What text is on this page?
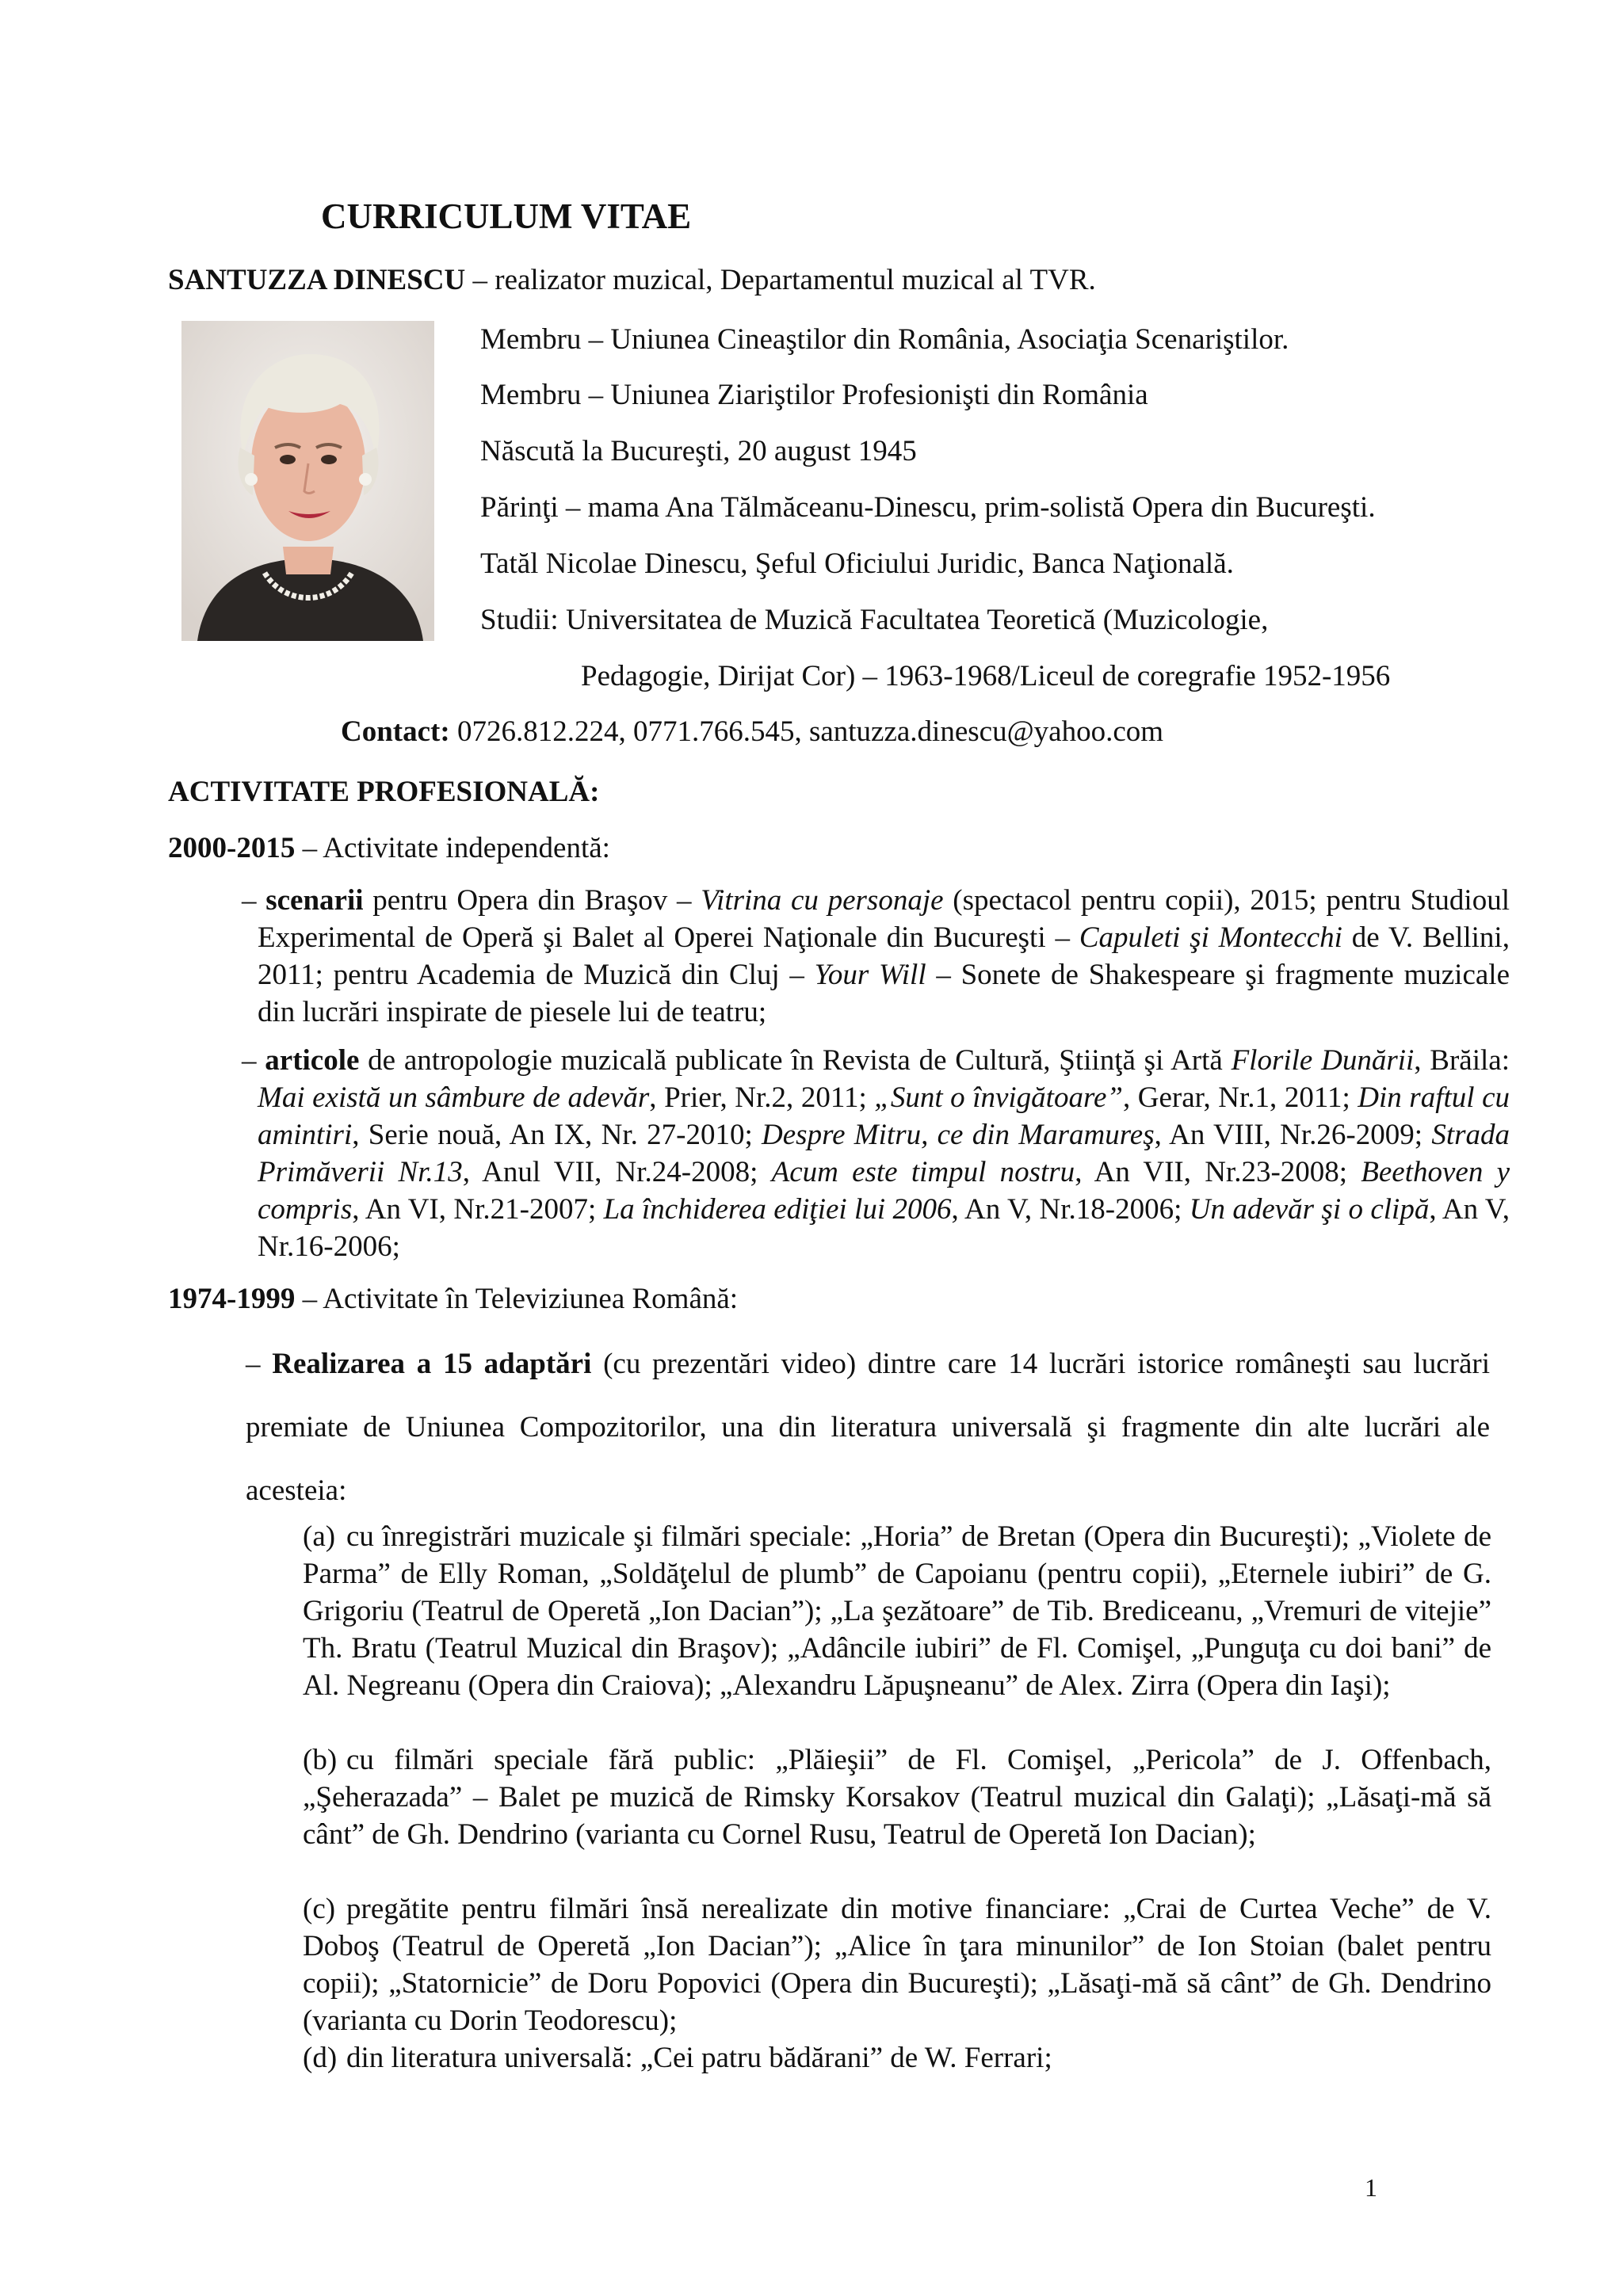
CURRICULUM VITAE
SANTUZZA DINESCU – realizator muzical, Departamentul muzical al TVR.
Membru – Uniunea Cineaştilor din România, Asociaţia Scenariştilor.
Membru – Uniunea Ziariştilor Profesionişti din România
Născută la Bucureşti, 20 august 1945
Părinţi – mama Ana Tălmăceanu-Dinescu, prim-solistă Opera din Bucureşti.
Tatăl Nicolae Dinescu, Şeful Oficiului Juridic, Banca Naţională.
Studii: Universitatea de Muzică Facultatea Teoretică (Muzicologie,
Pedagogie, Dirijat Cor) – 1963-1968/Liceul de coregrafie 1952-1956
Contact: 0726.812.224, 0771.766.545, santuzza.dinescu@yahoo.com
ACTIVITATE PROFESIONALĂ:
2000-2015 – Activitate independentă:
– scenarii pentru Opera din Braşov – Vitrina cu personaje (spectacol pentru copii), 2015; pentru Studioul Experimental de Operă şi Balet al Operei Naţionale din Bucureşti – Capuleti şi Montecchi de V. Bellini, 2011; pentru Academia de Muzică din Cluj – Your Will – Sonete de Shakespeare şi fragmente muzicale din lucrări inspirate de piesele lui de teatru;
– articole de antropologie muzicală publicate în Revista de Cultură, Ştiinţă şi Artă Florile Dunării, Brăila: Mai există un sâmbure de adevăr, Prier, Nr.2, 2011; „Sunt o învigătoare”, Gerar, Nr.1, 2011; Din raftul cu amintiri, Serie nouă, An IX, Nr. 27-2010; Despre Mitru, ce din Maramureş, An VIII, Nr.26-2009; Strada Primăverii Nr.13, Anul VII, Nr.24-2008; Acum este timpul nostru, An VII, Nr.23-2008; Beethoven y compris, An VI, Nr.21-2007; La închiderea ediţiei lui 2006, An V, Nr.18-2006; Un adevăr şi o clipă, An V, Nr.16-2006;
1974-1999 – Activitate în Televiziunea Română:
– Realizarea a 15 adaptări (cu prezentări video) dintre care 14 lucrări istorice româneşti sau lucrări premiate de Uniunea Compozitorilor, una din literatura universală şi fragmente din alte lucrări ale acesteia:
(a) cu înregistrări muzicale şi filmări speciale: „Horia” de Bretan (Opera din Bucureşti); „Violete de Parma” de Elly Roman, „Soldăţelul de plumb” de Capoianu (pentru copii), „Eternele iubiri” de G. Grigoriu (Teatrul de Operetă „Ion Dacian”); „La şezătoare” de Tib. Brediceanu, „Vremuri de vitejie” Th. Bratu (Teatrul Muzical din Braşov); „Adâncile iubiri” de Fl. Comişel, „Punguţa cu doi bani” de Al. Negreanu (Opera din Craiova); „Alexandru Lăpuşneanu” de Alex. Zirra (Opera din Iaşi);
(b) cu filmări speciale fără public: „Plăieşii” de Fl. Comişel, „Pericola” de J. Offenbach, „Şeherazada” – Balet pe muzică de Rimsky Korsakov (Teatrul muzical din Galaţi); „Lăsaţi-mă să cânt” de Gh. Dendrino (varianta cu Cornel Rusu, Teatrul de Operetă Ion Dacian);
(c) pregătite pentru filmări însă nerealizate din motive financiare: „Crai de Curtea Veche” de V. Doboş (Teatrul de Operetă „Ion Dacian”); „Alice în ţara minunilor” de Ion Stoian (balet pentru copii); „Statornicie” de Doru Popovici (Opera din Bucureşti); „Lăsaţi-mă să cânt” de Gh. Dendrino (varianta cu Dorin Teodorescu);
(d) din literatura universală: „Cei patru bădărani” de W. Ferrari;
1
